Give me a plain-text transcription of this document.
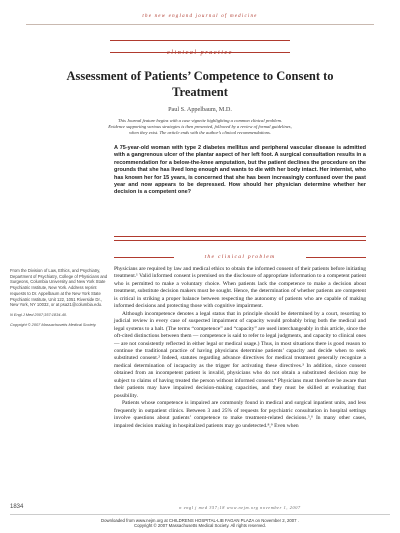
the new england journal of medicine
clinical practice
Assessment of Patients’ Competence to Consent to Treatment
Paul S. Appelbaum, M.D.
This Journal feature begins with a case vignette highlighting a common clinical problem.
Evidence supporting various strategies is then presented, followed by a review of formal guidelines,
when they exist. The article ends with the author’s clinical recommendations.
A 75-year-old woman with type 2 diabetes mellitus and peripheral vascular disease is admitted with a gangrenous ulcer of the plantar aspect of her left foot. A surgical consultation results in a recommendation for a below-the-knee amputation, but the patient declines the procedure on the grounds that she has lived long enough and wants to die with her body intact. Her internist, who has known her for 15 years, is concerned that she has been increasingly confused over the past year and now appears to be depressed. How should her physician determine whether her decision is a competent one?
the clinical problem

From the Division of Law, Ethics, and Psychiatry, Department of Psychiatry, College of Physicians and Surgeons, Columbia University and New York State Psychiatric Institute, New York. Address reprint requests to Dr. Appelbaum at the New York State Psychiatric Institute, Unit 122, 1051 Riverside Dr., New York, NY 10032, or at psa21@columbia.edu.

N Engl J Med 2007;357:1834-40.

Copyright © 2007 Massachusetts Medical Society.

Physicians are required by law and medical ethics to obtain the informed consent of their patients before initiating treatment.¹ Valid informed consent is premised on the disclosure of appropriate information to a competent patient who is permitted to make a voluntary choice. When patients lack the competence to make a decision about treatment, substitute decision makers must be sought. Hence, the determination of whether patients are competent is critical in striking a proper balance between respecting the autonomy of patients who are capable of making informed decisions and protecting those with cognitive impairment.

Although incompetence denotes a legal status that in principle should be determined by a court, resorting to judicial review in every case of suspected impairment of capacity would probably bring both the medical and legal systems to a halt. (The terms “competence” and “capacity” are used interchangeably in this article, since the oft-cited distinctions between them — competence is said to refer to legal judgments, and capacity to clinical ones — are not consistently reflected in either legal or medical usage.) Thus, in most situations there is good reason to continue the traditional practice of having physicians determine patients’ capacity and decide when to seek substituted consent.² Indeed, statutes regarding advance directives for medical treatment generally recognize a medical determination of incapacity as the trigger for activating these directives.³ In addition, since consent obtained from an incompetent patient is invalid, physicians who do not obtain a substituted decision may be subject to claims of having treated the person without informed consent.⁴ Physicians must therefore be aware that their patients may have impaired decision-making capacities, and they must be skilled at evaluating that possibility.

Patients whose competence is impaired are commonly found in medical and surgical inpatient units, and less frequently in outpatient clinics. Between 3 and 25% of requests for psychiatric consultation in hospital settings involve questions about patients’ competence to make treatment-related decisions.⁵,⁶ In many other cases, impaired decision making in hospitalized patients may go undetected.⁸,⁹ Even when

1834	n engl j med 357;18 www.nejm.org november 1, 2007
Downloaded from www.nejm.org at CHILDRENS HOSPITAL-LIB FAGAN PLAZA on November 2, 2007 .
Copyright © 2007 Massachusetts Medical Society. All rights reserved.
